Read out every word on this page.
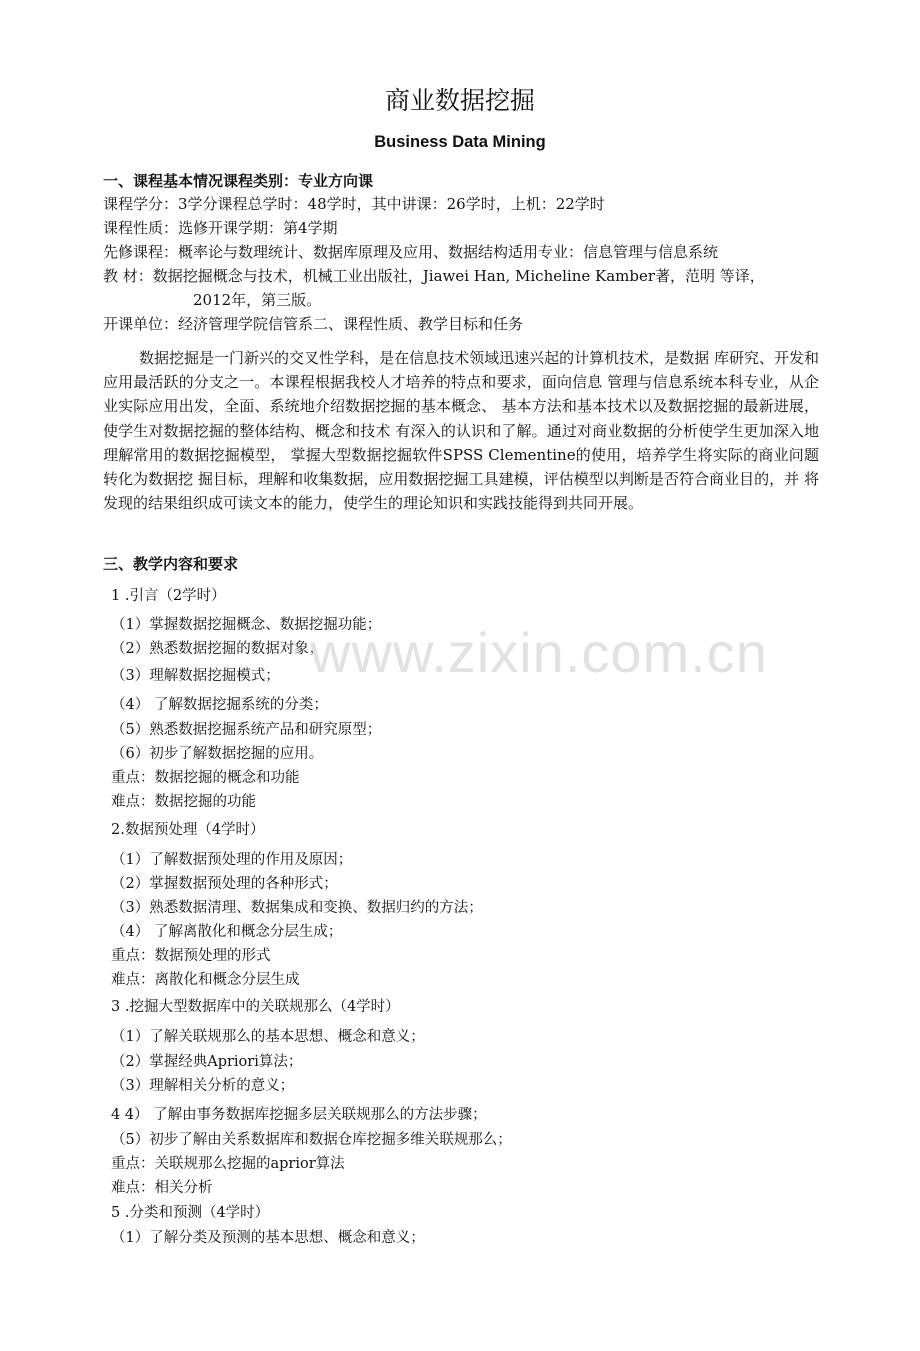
商业数据挖掘
Business Data Mining
一、课程基本情况课程类别：专业方向课
课程学分：3学分课程总学时：48学时，其中讲课：26学时，上机：22学时
课程性质：选修开课学期：第4学期
先修课程：概率论与数理统计、数据库原理及应用、数据结构适用专业：信息管理与信息系统
教 材：数据挖掘概念与技术，机械工业出版社，Jiawei Han, Micheline Kamber著，范明 等译，
2012年，第三版。
开课单位：经济管理学院信管系二、课程性质、教学目标和任务
数据挖掘是一门新兴的交叉性学科，是在信息技术领域迅速兴起的计算机技术，是数据 库研究、开发和应用最活跃的分支之一。本课程根据我校人才培养的特点和要求，面向信息 管理与信息系统本科专业，从企业实际应用出发，全面、系统地介绍数据挖掘的基本概念、 基本方法和基本技术以及数据挖掘的最新进展，使学生对数据挖掘的整体结构、概念和技术 有深入的认识和了解。通过对商业数据的分析使学生更加深入地理解常用的数据挖掘模型， 掌握大型数据挖掘软件SPSS Clementine的使用，培养学生将实际的商业问题转化为数据挖 掘目标，理解和收集数据，应用数据挖掘工具建模，评估模型以判断是否符合商业目的，并 将发现的结果组织成可读文本的能力，使学生的理论知识和实践技能得到共同开展。
三、教学内容和要求
1 .引言（2学时）
（1）掌握数据挖掘概念、数据挖掘功能；
（2）熟悉数据挖掘的数据对象；
（3）理解数据挖掘模式；
（4） 了解数据挖掘系统的分类；
（5）熟悉数据挖掘系统产品和研究原型；
（6）初步了解数据挖掘的应用。
重点：数据挖掘的概念和功能
难点：数据挖掘的功能
2.数据预处理（4学时）
（1）了解数据预处理的作用及原因；
（2）掌握数据预处理的各种形式；
（3）熟悉数据清理、数据集成和变换、数据归约的方法；
（4） 了解离散化和概念分层生成；
重点：数据预处理的形式
难点：离散化和概念分层生成
3 .挖掘大型数据库中的关联规那么（4学时）
（1）了解关联规那么的基本思想、概念和意义；
（2）掌握经典Apriori算法；
（3）理解相关分析的意义；
4 4） 了解由事务数据库挖掘多层关联规那么的方法步骤；
（5）初步了解由关系数据库和数据仓库挖掘多维关联规那么；
重点：关联规那么挖掘的aprior算法
难点：相关分析
5 .分类和预测（4学时）
（1）了解分类及预测的基本思想、概念和意义；
www.zixin.com.cn
